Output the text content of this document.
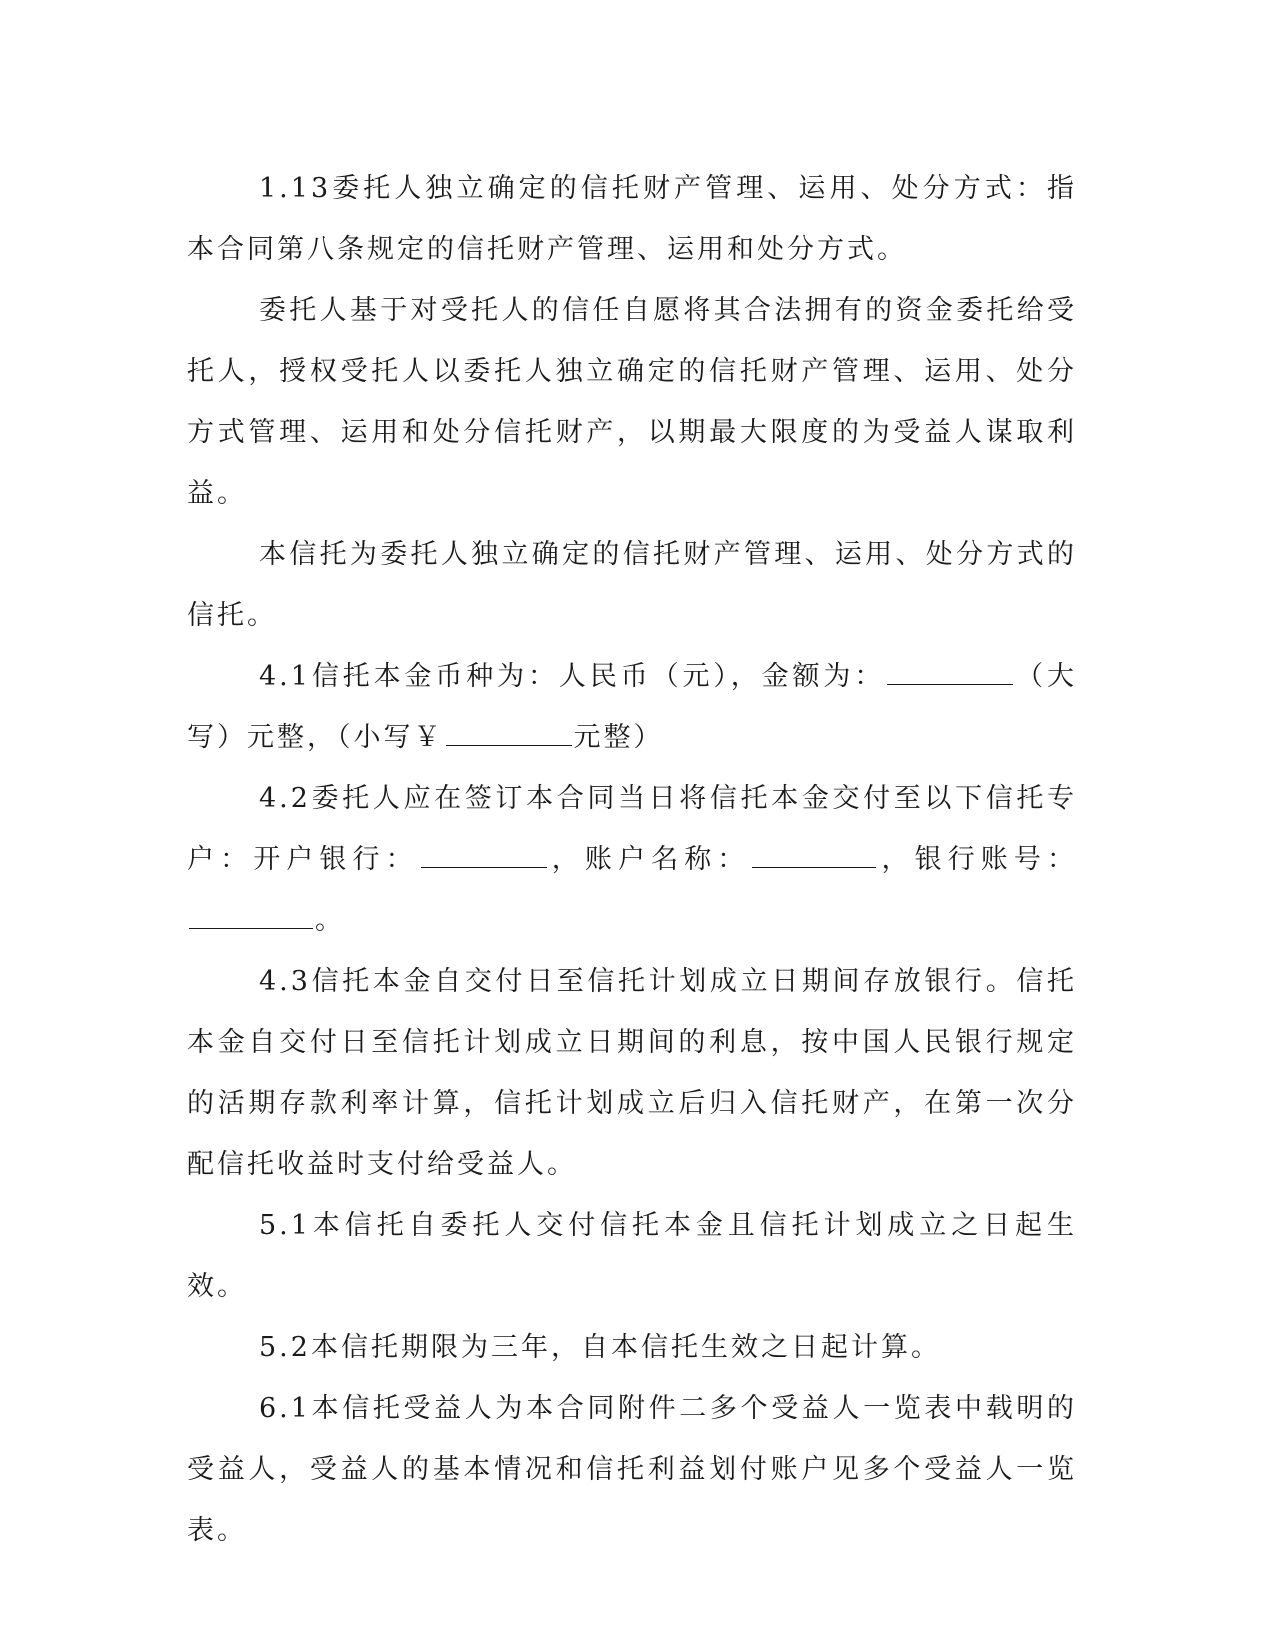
1.13委托人独立确定的信托财产管理、运用、处分方式：指本合同第八条规定的信托财产管理、运用和处分方式。

委托人基于对受托人的信任自愿将其合法拥有的资金委托给受托人，授权受托人以委托人独立确定的信托财产管理、运用、处分方式管理、运用和处分信托财产，以期最大限度的为受益人谋取利益。

本信托为委托人独立确定的信托财产管理、运用、处分方式的信托。

4.1信托本金币种为：人民币（元），金额为：	（大写）元整，（小写￥	元整）

4.2委托人应在签订本合同当日将信托本金交付至以下信托专户：开户银行：	，账户名称：	，银行账号：。

4.3信托本金自交付日至信托计划成立日期间存放银行。信托本金自交付日至信托计划成立日期间的利息，按中国人民银行规定的活期存款利率计算，信托计划成立后归入信托财产，在第一次分配信托收益时支付给受益人。

5.1本信托自委托人交付信托本金且信托计划成立之日起生效。

5.2本信托期限为三年，自本信托生效之日起计算。

6.1本信托受益人为本合同附件二多个受益人一览表中载明的受益人，受益人的基本情况和信托利益划付账户见多个受益人一览表。
